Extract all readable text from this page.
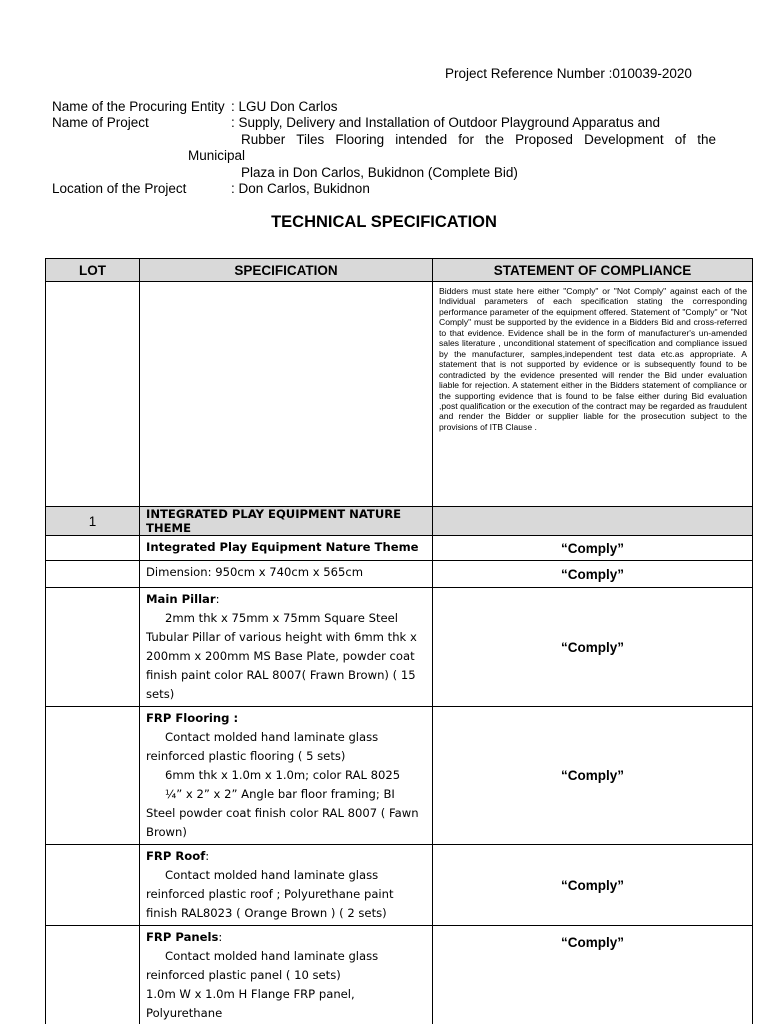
Project Reference Number :010039-2020
Name of the Procuring Entity : LGU Don Carlos
Name of Project	: Supply, Delivery and Installation of Outdoor Playground Apparatus and
Rubber Tiles Flooring intended for the Proposed Development of the
Municipal
Plaza in Don Carlos, Bukidnon (Complete Bid)
Location of the Project	: Don Carlos, Bukidnon
TECHNICAL SPECIFICATION
LOT	SPECIFICATION	STATEMENT OF COMPLIANCE
		Bidders must state here either "Comply" or "Not Comply" against each of the Individual parameters of each specification stating the corresponding performance parameter of the equipment offered. Statement of "Comply" or "Not Comply" must be supported by the evidence in a Bidders Bid and cross-referred to that evidence. Evidence shall be in the form of manufacturer's un-amended sales literature , unconditional statement of specification and compliance issued by the manufacturer, samples,independent test data etc.as appropriate. A statement that is not supported by evidence or is subsequently found to be contradicted by the evidence presented will render the Bid under evaluation liable for rejection. A statement either in the Bidders statement of compliance or the supporting evidence that is found to be false either during Bid evaluation ,post qualification or the execution of the contract may be regarded as fraudulent and render the Bidder or supplier liable for the prosecution subject to the provisions of ITB Clause .
1	INTEGRATED PLAY EQUIPMENT NATURE THEME	
	Integrated Play Equipment Nature Theme	“Comply”
	Dimension: 950cm x 740cm x 565cm	“Comply”

	Main Pillar:
2mm thk x 75mm x 75mm Square Steel Tubular Pillar of various height with 6mm thk x 200mm x 200mm MS Base Plate, powder coat finish paint color RAL 8007( Frawn Brown) ( 15 sets)	“Comply”

	FRP Flooring :
Contact molded hand laminate glass reinforced plastic flooring ( 5 sets)
6mm thk x 1.0m x 1.0m; color RAL 8025
¼” x 2” x 2” Angle bar floor framing; BI Steel powder coat finish color RAL 8007 ( Fawn Brown)	“Comply”

	FRP Roof:
Contact molded hand laminate glass reinforced plastic roof ; Polyurethane paint finish RAL8023 ( Orange Brown ) ( 2 sets)	“Comply”

	FRP Panels:
Contact molded hand laminate glass reinforced plastic panel ( 10 sets)
1.0m W x 1.0m H Flange FRP panel, Polyurethane	“Comply”
